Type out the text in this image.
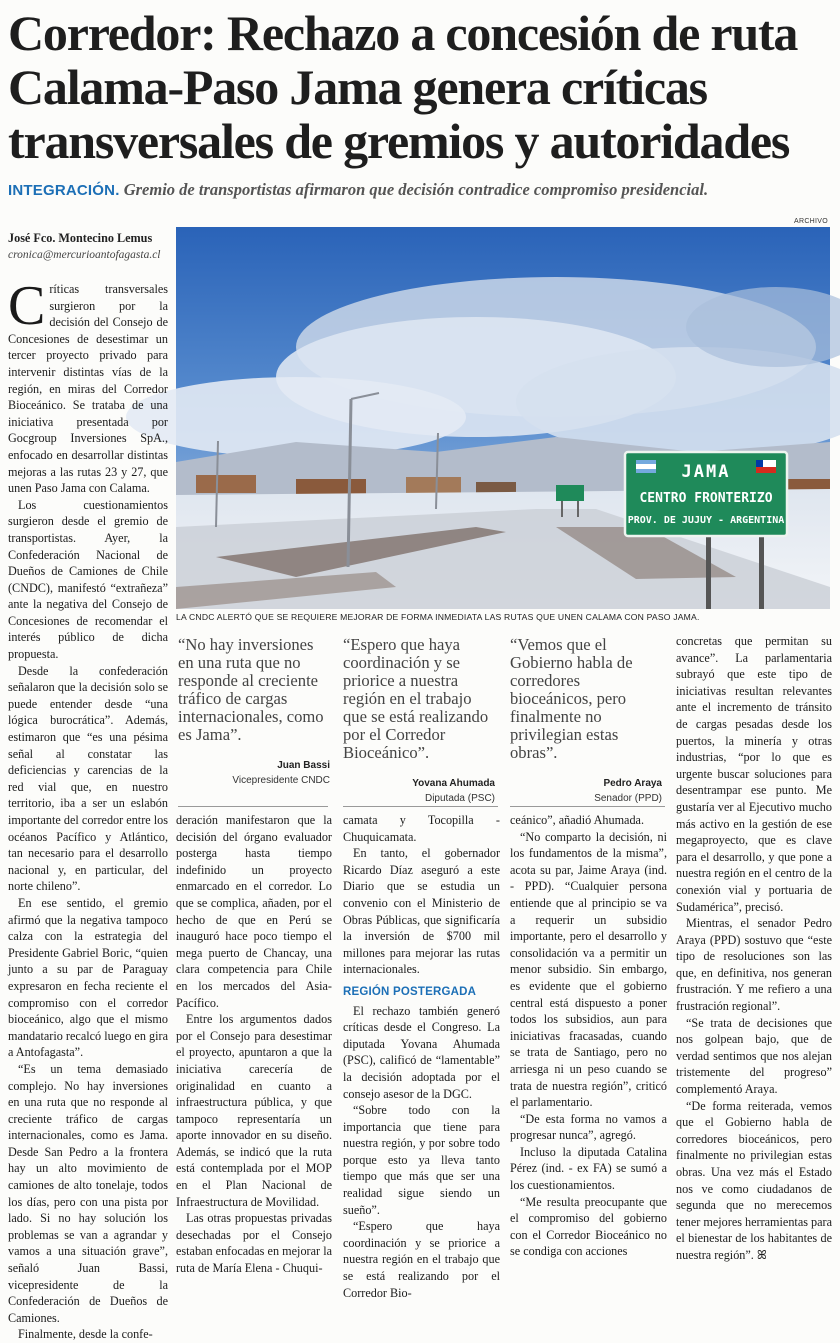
Corredor: Rechazo a concesión de ruta
Calama-Paso Jama genera críticas
transversales de gremios y autoridades
INTEGRACIÓN. Gremio de transportistas afirmaron que decisión contradice compromiso presidencial.
José Fco. Montecino Lemus
cronica@mercurioantofagasta.cl
ARCHIVO
JAMA
CENTRO FRONTERIZO
PROV. DE JUJUY - ARGENTINA
LA CNDC ALERTÓ QUE SE REQUIERE MEJORAR DE FORMA INMEDIATA LAS RUTAS QUE UNEN CALAMA CON PASO JAMA.

Críticas transversales surgieron por la decisión del Consejo de Concesiones de desestimar un tercer proyecto privado para intervenir distintas vías de la región, en miras del Corredor Bioceánico. Se trataba de una iniciativa presentada por Gocgroup Inversiones SpA., enfocado en desarrollar distintas mejoras a las rutas 23 y 27, que unen Paso Jama con Calama.

Los cuestionamientos surgieron desde el gremio de transportistas. Ayer, la Confederación Nacional de Dueños de Camiones de Chile (CNDC), manifestó “extrañeza” ante la negativa del Consejo de Concesiones de recomendar el interés público de dicha propuesta.

Desde la confederación señalaron que la decisión solo se puede entender desde “una lógica burocrática”. Además, estimaron que “es una pésima señal al constatar las deficiencias y carencias de la red vial que, en nuestro territorio, iba a ser un eslabón importante del corredor entre los océanos Pacífico y Atlántico, tan necesario para el desarrollo nacional y, en particular, del norte chileno”.

En ese sentido, el gremio afirmó que la negativa tampoco calza con la estrategia del Presidente Gabriel Boric, “quien junto a su par de Paraguay expresaron en fecha reciente el compromiso con el corredor bioceánico, algo que el mismo mandatario recalcó luego en gira a Antofagasta”.

“Es un tema demasiado complejo. No hay inversiones en una ruta que no responde al creciente tráfico de cargas internacionales, como es Jama. Desde San Pedro a la frontera hay un alto movimiento de camiones de alto tonelaje, todos los días, pero con una pista por lado. Si no hay solución los problemas se van a agrandar y vamos a una situación grave”, señaló Juan Bassi, vicepresidente de la Confederación de Dueños de Camiones.

Finalmente, desde la confe-

“No hay inversiones en una ruta que no responde al creciente tráfico de cargas internacionales, como es Jama”.
Juan Bassi
Vicepresidente CNDC
“Espero que haya coordinación y se priorice a nuestra región en el trabajo que se está realizando por el Corredor Bioceánico”.
Yovana Ahumada
Diputada (PSC)
“Vemos que el Gobierno habla de corredores bioceánicos, pero finalmente no privilegian estas obras”.
Pedro Araya
Senador (PPD)

deración manifestaron que la decisión del órgano evaluador posterga hasta tiempo indefinido un proyecto enmarcado en el corredor. Lo que se complica, añaden, por el hecho de que en Perú se inauguró hace poco tiempo el mega puerto de Chancay, una clara competencia para Chile en los mercados del Asia-Pacífico.

Entre los argumentos dados por el Consejo para desestimar el proyecto, apuntaron a que la iniciativa carecería de originalidad en cuanto a infraestructura pública, y que tampoco representaría un aporte innovador en su diseño. Además, se indicó que la ruta está contemplada por el MOP en el Plan Nacional de Infraestructura de Movilidad.

Las otras propuestas privadas desechadas por el Consejo estaban enfocadas en mejorar la ruta de María Elena - Chuqui-

camata y Tocopilla - Chuquicamata.

En tanto, el gobernador Ricardo Díaz aseguró a este Diario que se estudia un convenio con el Ministerio de Obras Públicas, que significaría la inversión de $700 mil millones para mejorar las rutas internacionales.

REGIÓN POSTERGADA

El rechazo también generó críticas desde el Congreso. La diputada Yovana Ahumada (PSC), calificó de “lamentable” la decisión adoptada por el consejo asesor de la DGC.

“Sobre todo con la importancia que tiene para nuestra región, y por sobre todo porque esto ya lleva tanto tiempo que más que ser una realidad sigue siendo un sueño”.

“Espero que haya coordinación y se priorice a nuestra región en el trabajo que se está realizando por el Corredor Bio-

ceánico”, añadió Ahumada.

“No comparto la decisión, ni los fundamentos de la misma”, acota su par, Jaime Araya (ind. - PPD). “Cualquier persona entiende que al principio se va a requerir un subsidio importante, pero el desarrollo y consolidación va a permitir un menor subsidio. Sin embargo, es evidente que el gobierno central está dispuesto a poner todos los subsidios, aun para iniciativas fracasadas, cuando se trata de Santiago, pero no arriesga ni un peso cuando se trata de nuestra región”, criticó el parlamentario.

“De esta forma no vamos a progresar nunca”, agregó.

Incluso la diputada Catalina Pérez (ind. - ex FA) se sumó a los cuestionamientos.

“Me resulta preocupante que el compromiso del gobierno con el Corredor Bioceánico no se condiga con acciones

concretas que permitan su avance”. La parlamentaria subrayó que este tipo de iniciativas resultan relevantes ante el incremento de tránsito de cargas pesadas desde los puertos, la minería y otras industrias, “por lo que es urgente buscar soluciones para desentrampar ese punto. Me gustaría ver al Ejecutivo mucho más activo en la gestión de ese megaproyecto, que es clave para el desarrollo, y que pone a nuestra región en el centro de la conexión vial y portuaria de Sudamérica”, precisó.

Mientras, el senador Pedro Araya (PPD) sostuvo que “este tipo de resoluciones son las que, en definitiva, nos generan frustración. Y me refiero a una frustración regional”.

“Se trata de decisiones que nos golpean bajo, que de verdad sentimos que nos alejan tristemente del progreso” complementó Araya.

“De forma reiterada, vemos que el Gobierno habla de corredores bioceánicos, pero finalmente no privilegian estas obras. Una vez más el Estado nos ve como ciudadanos de segunda que no merecemos tener mejores herramientas para el bienestar de los habitantes de nuestra región”. ꕤ
